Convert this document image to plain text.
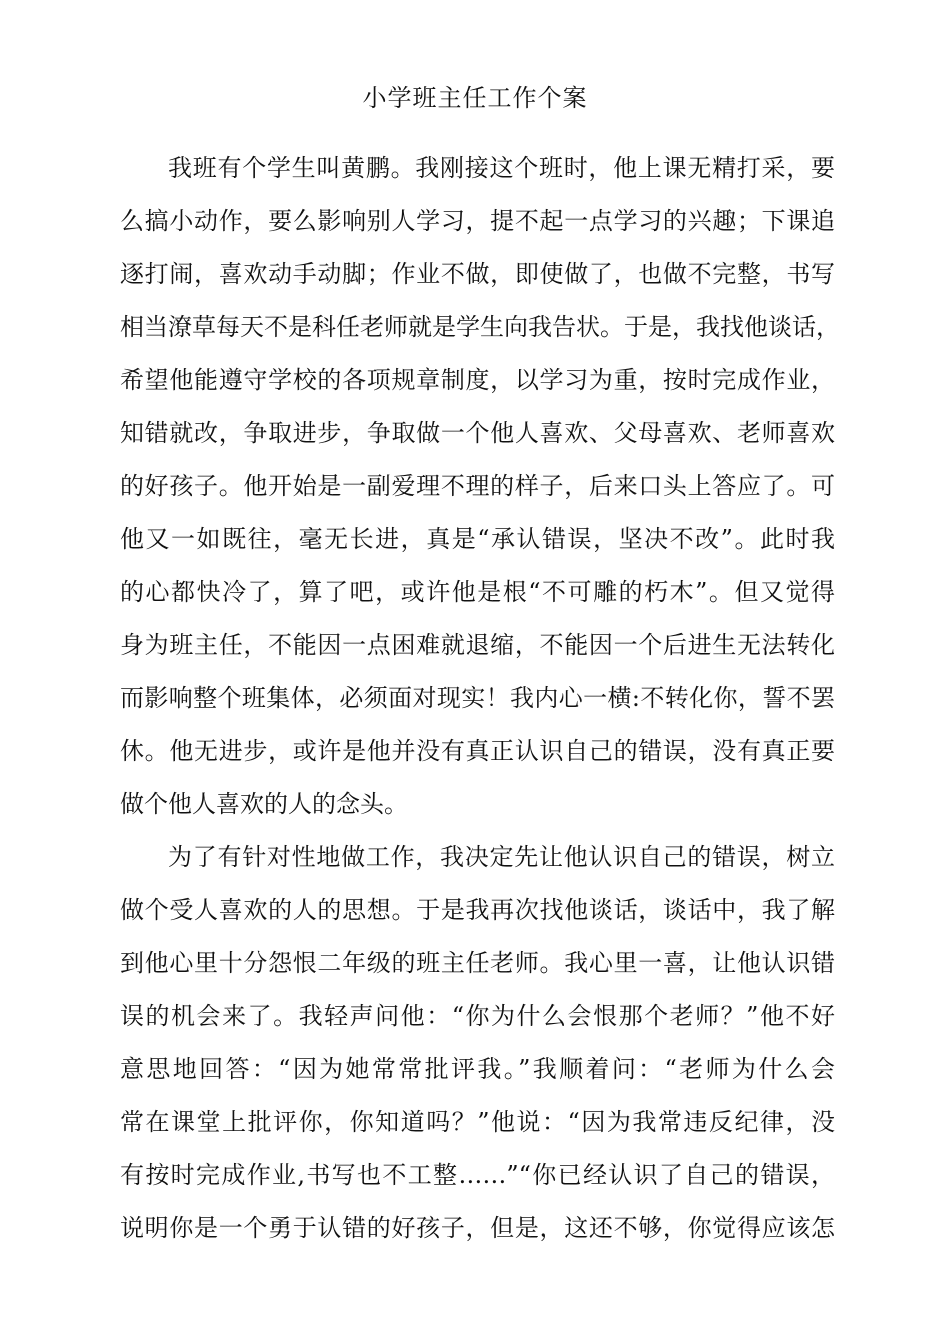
小学班主任工作个案
我班有个学生叫黄鹏。我刚接这个班时，他上课无精打采，要
么搞小动作，要么影响别人学习，提不起一点学习的兴趣；下课追
逐打闹，喜欢动手动脚；作业不做，即使做了，也做不完整，书写
相当潦草每天不是科任老师就是学生向我告状。于是，我找他谈话，
希望他能遵守学校的各项规章制度，以学习为重，按时完成作业，
知错就改，争取进步，争取做一个他人喜欢、父母喜欢、老师喜欢
的好孩子。他开始是一副爱理不理的样子，后来口头上答应了。可
他又一如既往，毫无长进，真是“承认错误，坚决不改”。此时我
的心都快冷了，算了吧，或许他是根“不可雕的朽木”。但又觉得
身为班主任，不能因一点困难就退缩，不能因一个后进生无法转化
而影响整个班集体，必须面对现实！我内心一横:不转化你，誓不罢
休。他无进步，或许是他并没有真正认识自己的错误，没有真正要
做个他人喜欢的人的念头。
为了有针对性地做工作，我决定先让他认识自己的错误，树立
做个受人喜欢的人的思想。于是我再次找他谈话，谈话中，我了解
到他心里十分怨恨二年级的班主任老师。我心里一喜，让他认识错
误的机会来了。我轻声问他：“你为什么会恨那个老师？”他不好
意思地回答：“因为她常常批评我。”我顺着问：“老师为什么会
常在课堂上批评你，你知道吗？”他说：“因为我常违反纪律，没
有按时完成作业,书写也不工整……”“你已经认识了自己的错误，
说明你是一个勇于认错的好孩子，但是，这还不够，你觉得应该怎
